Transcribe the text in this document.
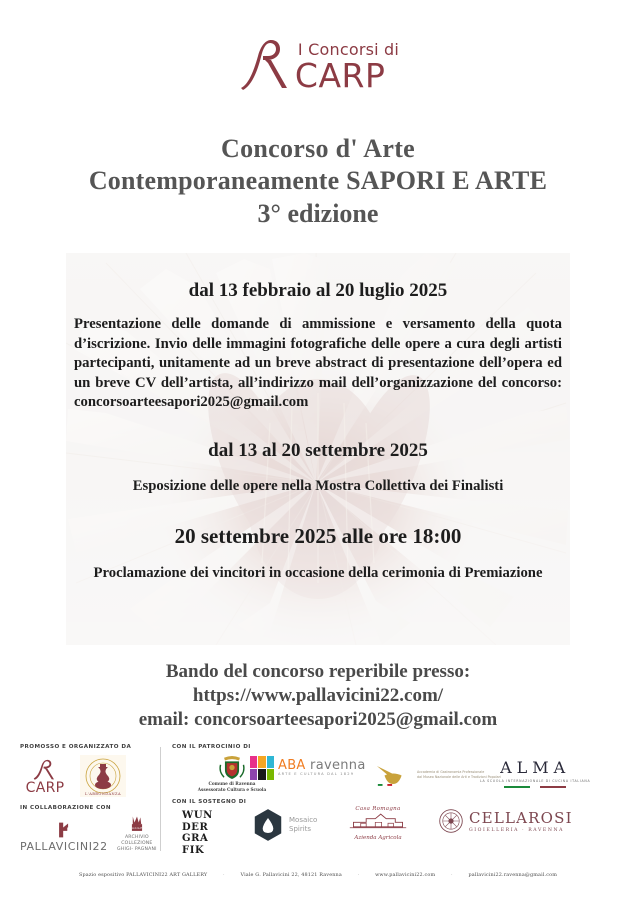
I Concorsi di
CARP
Concorso d' Arte
Contemporaneamente SAPORI E ARTE
3° edizione
dal 13 febbraio al 20 luglio 2025
Presentazione delle domande di ammissione e versamento della quota d’iscrizione. Invio delle immagini fotografiche delle opere a cura degli artisti partecipanti, unitamente ad un breve abstract di presentazione dell’opera ed un breve CV dell’artista, all’indirizzo mail dell’organizzazione del concorso: concorsoarteesapori2025@gmail.com
dal 13 al 20 settembre 2025
Esposizione delle opere nella Mostra Collettiva dei Finalisti
20 settembre 2025 alle ore 18:00
Proclamazione dei vincitori in occasione della cerimonia di Premiazione
Bando del concorso reperibile presso:
https://www.pallavicini22.com/
email: concorsoarteesapori2025@gmail.com
PROMOSSO E ORGANIZZATO DA
CARP	L'ABBONDANZA
IN COLLABORAZIONE CON
PALLAVICINI22
A.C.G.P
ARCHIVIO COLLEZIONE
GHIGI- PAGNANI
CON IL PATROCINIO DI
Comune di Ravenna
Assessorato Cultura e Scuola
CON IL SOSTEGNO DI
WUN
DER
GRA
FIK
ABA ravenna
ARTE E CULTURA DAL 1829
Accademia di Gastronomia Professionale
dal Museo Nazionale delle Arti e Tradizioni Popolari ALMA
LA SCUOLA INTERNAZIONALE DI CUCINA ITALIANA
Mosaico
Spirits
Casa Romagna
Azienda Agricola
CELLAROSI
GIOIELLERIA · RAVENNA
Spazio espositivo PALLAVICINI22 ART GALLERY	·	Viale G. Pallavicini 22, 48121 Ravenna	·	www.pallavicini22.com	·	pallavicini22.ravenna@gmail.com
